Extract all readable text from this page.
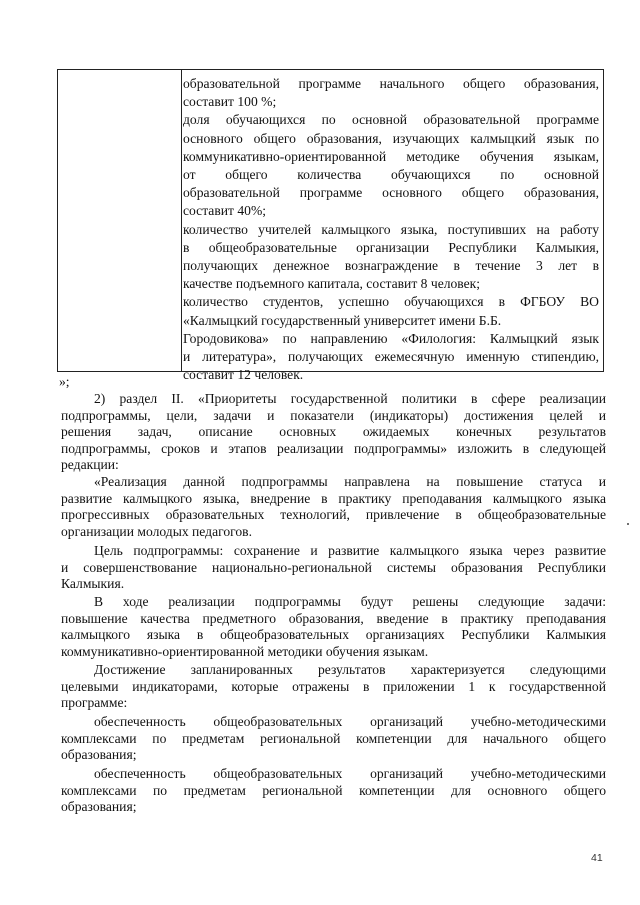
образовательной программе начального общего образования,
составит 100 %;
доля обучающихся по основной образовательной программе
основного общего образования, изучающих калмыцкий язык по
коммуникативно-ориентированной методике обучения языкам,
от общего количества обучающихся по основной
образовательной программе основного общего образования,
составит 40%;
количество учителей калмыцкого языка, поступивших на работу
в общеобразовательные организации Республики Калмыкия,
получающих денежное вознаграждение в течение 3 лет в
качестве подъемного капитала, составит 8 человек;
количество студентов, успешно обучающихся в ФГБОУ ВО
«Калмыцкий государственный университет имени Б.Б.
Городовикова» по направлению «Филология: Калмыцкий язык
и литература», получающих ежемесячную именную стипендию,
составит 12 человек.
»;
2) раздел II. «Приоритеты государственной политики в сфере реализации
подпрограммы, цели, задачи и показатели (индикаторы) достижения целей и
решения задач, описание основных ожидаемых конечных результатов
подпрограммы, сроков и этапов реализации подпрограммы» изложить в следующей
редакции:
«Реализация данной подпрограммы направлена на повышение статуса и
развитие калмыцкого языка, внедрение в практику преподавания калмыцкого языка
прогрессивных образовательных технологий, привлечение в общеобразовательные
организации молодых педагогов.
Цель подпрограммы: сохранение и развитие калмыцкого языка через развитие
и совершенствование национально-региональной системы образования Республики
Калмыкия.
В ходе реализации подпрограммы будут решены следующие задачи:
повышение качества предметного образования, введение в практику преподавания
калмыцкого языка в общеобразовательных организациях Республики Калмыкия
коммуникативно-ориентированной методики обучения языкам.
Достижение запланированных результатов характеризуется следующими
целевыми индикаторами, которые отражены в приложении 1 к государственной
программе:
обеспеченность общеобразовательных организаций учебно-методическими
комплексами по предметам региональной компетенции для начального общего
образования;
обеспеченность общеобразовательных организаций учебно-методическими
комплексами по предметам региональной компетенции для основного общего
образования;
41
